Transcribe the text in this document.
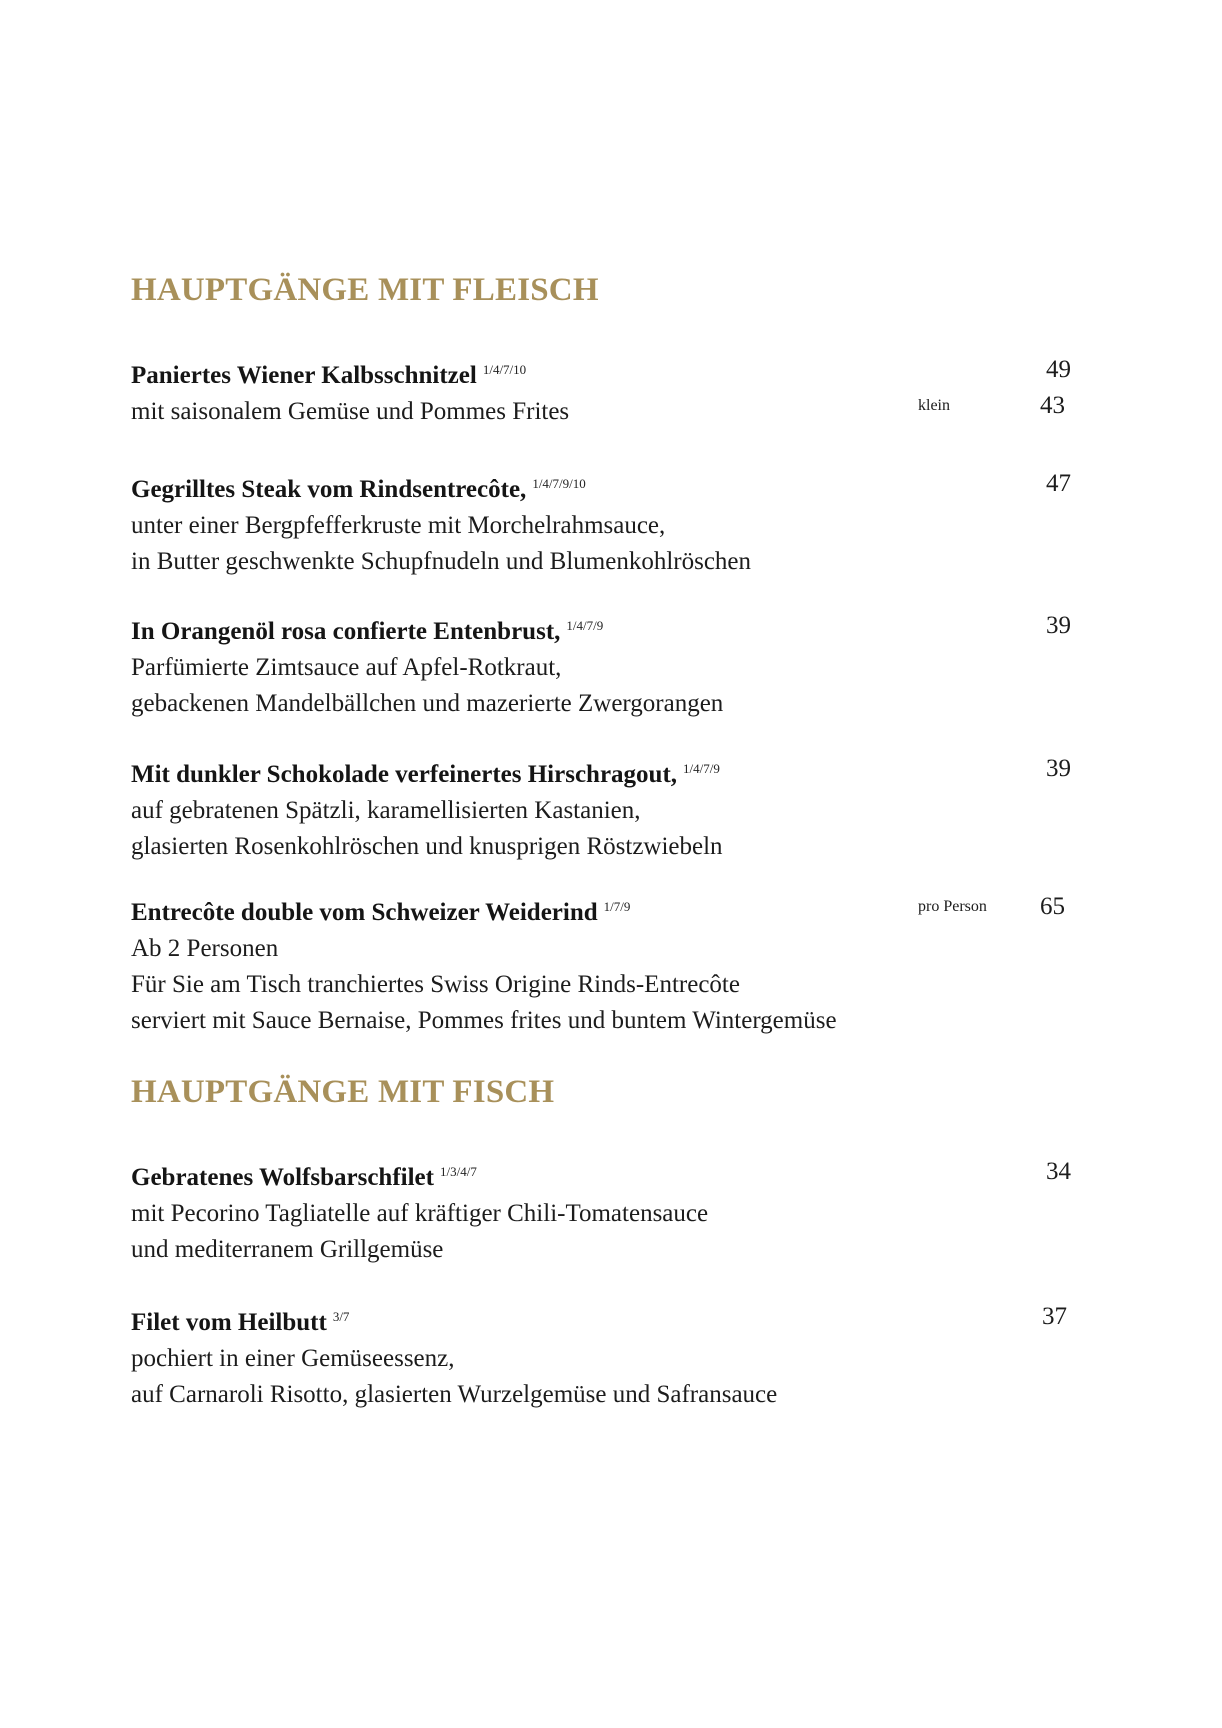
HAUPTGÄNGE MIT FLEISCH
Paniertes Wiener Kalbsschnitzel $^{1/4/7/10}$	49
mit saisonalem Gemüse und Pommes Frites	klein	43
Gegrilltes Steak vom Rindsentrecôte, $^{1/4/7/9/10}$	47
unter einer Bergpfefferkruste mit Morchelrahmsauce,
in Butter geschwenkte Schupfnudeln und Blumenkohlröschen
In Orangenöl rosa confierte Entenbrust, $^{1/4/7/9}$	39
Parfümierte Zimtsauce auf Apfel-Rotkraut,
gebackenen Mandelbällchen und mazerierte Zwergorangen
Mit dunkler Schokolade verfeinertes Hirschragout, $^{1/4/7/9}$	39
auf gebratenen Spätzli, karamellisierten Kastanien,
glasierten Rosenkohlröschen und knusprigen Röstzwiebeln
Entrecôte double vom Schweizer Weiderind $^{1/7/9}$	pro Person	65
Ab 2 Personen
Für Sie am Tisch tranchiertes Swiss Origine Rinds-Entrecôte
serviert mit Sauce Bernaise, Pommes frites und buntem Wintergemüse
HAUPTGÄNGE MIT FISCH
Gebratenes Wolfsbarschfilet $^{1/3/4/7}$	34
mit Pecorino Tagliatelle auf kräftiger Chili-Tomatensauce
und mediterranem Grillgemüse
Filet vom Heilbutt $^{3/7}$	37
pochiert in einer Gemüseessenz,
auf Carnaroli Risotto, glasierten Wurzelgemüse und Safransauce
